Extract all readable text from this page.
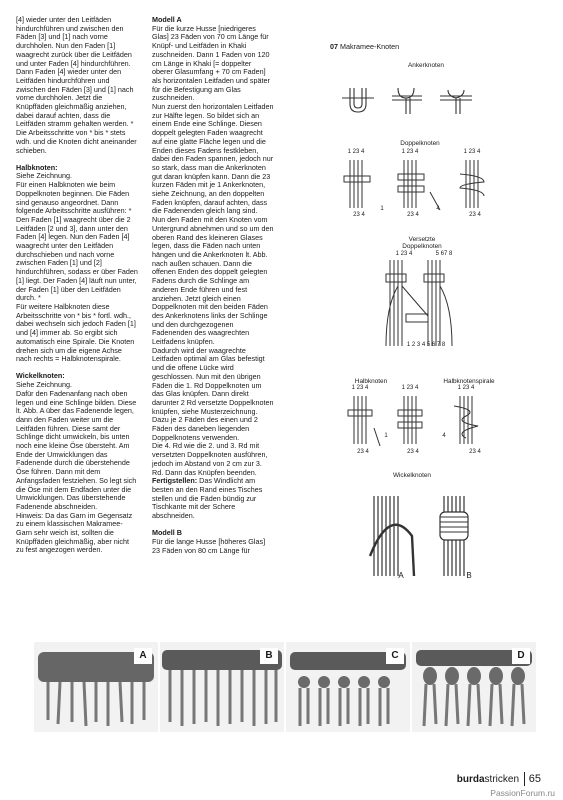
[4] wieder unter den Leitfäden hindurchführen und zwischen den Fäden [3] und [1] nach vorne durchholen. Nun den Faden [1] waagrecht zurück über die Leitfäden und unter Faden [4] hindurchführen. Dann Faden [4] wieder unter den Leitfäden hindurchführen und zwischen den Fäden [3] und [1] nach vorne durchholen. Jetzt die Knüpffäden gleichmäßig anziehen, dabei darauf achten, dass die Leitfäden stramm gehalten werden. * Die Arbeitsschritte von * bis * stets wdh. und die Knoten dicht aneinander schieben.

Halbknoten:
Siehe Zeichnung.
Für einen Halbknoten wie beim Doppelknoten beginnen. Die Fäden sind genauso angeordnet. Dann folgende Arbeitsschritte ausführen: * Den Faden [1] waagrecht über die 2 Leitfäden [2 und 3], dann unter den Faden [4] legen. Nun den Faden [4] waagrecht unter den Leitfäden durchschieben und nach vorne zwischen Faden [1] und [2] hindurchführen, sodass er über Faden [1] liegt. Der Faden [4] läuft nun unter, der Faden [1] über den Leitfäden durch. *
Für weitere Halbknoten diese Arbeitsschritte von * bis * fortl. wdh., dabei wechseln sich jedoch Faden [1] und [4] immer ab. So ergibt sich automatisch eine Spirale. Die Knoten drehen sich um die eigene Achse nach rechts = Halbknotenspirale.

Wickelknoten:
Siehe Zeichnung.
Dafür den Fadenanfang nach oben legen und eine Schlinge bilden. Diese lt. Abb. A über das Fadenende legen, dann den Faden weiter um die Leitfäden führen. Diese samt der Schlinge dicht umwickeln, bis unten noch eine kleine Öse übersteht. Am Ende der Umwicklungen das Fadenende durch die überstehende Öse führen. Dann mit dem Anfangsfaden festziehen. So legt sich die Öse mit dem Endfaden unter die Umwicklungen. Das überstehende Fadenende abschneiden.
Hinweis: Da das Garn im Gegensatz zu einem klassischen Makramee-Garn sehr weich ist, sollten die Knüpffäden gleichmäßig, aber nicht zu fest angezogen werden.

Modell A
Für die kurze Husse [niedrigeres Glas] 23 Fäden von 70 cm Länge für Knüpf- und Leitfäden in Khaki zuschneiden. Dann 1 Faden von 120 cm Länge in Khaki [= doppelter oberer Glasumfang + 70 cm Faden] als horizontalen Leitfaden und später für die Befestigung am Glas zuschneiden.
Nun zuerst den horizontalen Leitfaden zur Hälfte legen. So bildet sich an einem Ende eine Schlinge. Diesen doppelt gelegten Faden waagrecht auf eine glatte Fläche legen und die Enden dieses Fadens festkleben, dabei den Faden spannen, jedoch nur so stark, dass man die Ankerknoten gut daran knüpfen kann. Dann die 23 kurzen Fäden mit je 1 Ankerknoten, siehe Zeichnung, an den doppelten Faden knüpfen, darauf achten, dass die Fadenenden gleich lang sind.
Nun den Faden mit den Knoten vom Untergrund abnehmen und so um den oberen Rand des kleineren Glases legen, dass die Fäden nach unten hängen und die Ankerknoten lt. Abb. nach außen schauen. Dann die offenen Enden des doppelt gelegten Fadens durch die Schlinge am anderen Ende führen und fest anziehen. Jetzt gleich einen Doppelknoten mit den beiden Fäden des Ankerknotens links der Schlinge und den durchgezogenen Fadenenden des waagrechten Leitfadens knüpfen.
Dadurch wird der waagrechte Leitfaden optimal am Glas befestigt und die offene Lücke wird geschlossen. Nun mit den übrigen Fäden die 1. Rd Doppelknoten um das Glas knüpfen. Dann direkt darunter 2 Rd versetzte Doppelknoten knüpfen, siehe Musterzeichnung. Dazu je 2 Fäden des einen und 2 Fäden des daneben liegenden Doppelknotens verwenden.
Die 4. Rd wie die 2. und 3. Rd mit versetzten Doppelknoten ausführen, jedoch im Abstand von 2 cm zur 3. Rd. Dann das Knüpfen beenden.
Fertigstellen: Das Windlicht am besten an den Rand eines Tisches stellen und die Fäden bündig zur Tischkante mit der Schere abschneiden.

Modell B
Für die lange Husse [höheres Glas] 23 Fäden von 80 cm Länge für

07 Makramee-Knoten
Ankerknoten
Doppelknoten
Versetzte
Doppelknoten
Halbknoten	Halbknotenspirale
Wickelknoten
1 23 4	1 23 4	1 23 4
23 4	23 4	23 4
1	4
1 23 4	5 67 8
1 2 3 4 5 6 7 8
1 23 4	1 23 4	1 23 4
23 4	23 4	23 4
1	4
A	B
A	B	C	D
burdastricken 65
PassionForum.ru
